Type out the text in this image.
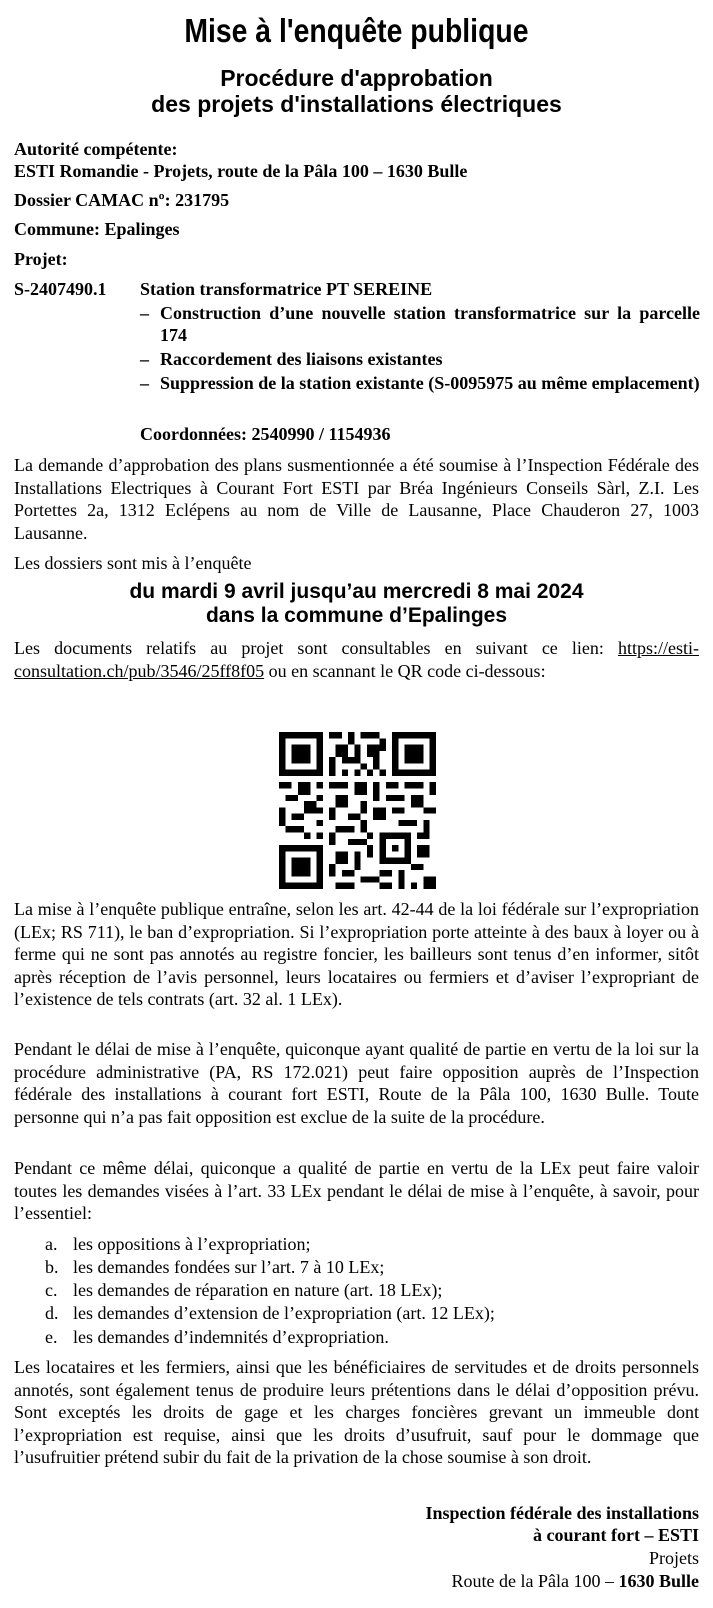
Mise à l'enquête publique
Procédure d'approbation
des projets d'installations électriques
Autorité compétente:
ESTI Romandie - Projets, route de la Pâla 100 – 1630 Bulle
Dossier CAMAC nº: 231795
Commune: Epalinges
Projet:
S-2407490.1 Station transformatrice PT SEREINE
– Construction d’une nouvelle station transformatrice sur la parcelle 174
– Raccordement des liaisons existantes
– Suppression de la station existante (S-0095975 au même emplacement)
Coordonnées: 2540990 / 1154936
La demande d’approbation des plans susmentionnée a été soumise à l’Inspection Fédérale des Installations Electriques à Courant Fort ESTI par Bréa Ingénieurs Conseils Sàrl, Z.I. Les Portettes 2a, 1312 Eclépens au nom de Ville de Lausanne, Place Chauderon 27, 1003 Lausanne.
Les dossiers sont mis à l’enquête
du mardi 9 avril jusqu’au mercredi 8 mai 2024
dans la commune d’Epalinges
Les documents relatifs au projet sont consultables en suivant ce lien: https://esti-consultation.ch/pub/3546/25ff8f05 ou en scannant le QR code ci-dessous:
La mise à l’enquête publique entraîne, selon les art. 42-44 de la loi fédérale sur l’expropriation (LEx; RS 711), le ban d’expropriation. Si l’expropriation porte atteinte à des baux à loyer ou à ferme qui ne sont pas annotés au registre foncier, les bailleurs sont tenus d’en informer, sitôt après réception de l’avis personnel, leurs locataires ou fermiers et d’aviser l’expropriant de l’existence de tels contrats (art. 32 al. 1 LEx).
Pendant le délai de mise à l’enquête, quiconque ayant qualité de partie en vertu de la loi sur la procédure administrative (PA, RS 172.021) peut faire opposition auprès de l’Inspection fédérale des installations à courant fort ESTI, Route de la Pâla 100, 1630 Bulle. Toute personne qui n’a pas fait opposition est exclue de la suite de la procédure.
Pendant ce même délai, quiconque a qualité de partie en vertu de la LEx peut faire valoir toutes les demandes visées à l’art. 33 LEx pendant le délai de mise à l’enquête, à savoir, pour l’essentiel:
a. les oppositions à l’expropriation;
b. les demandes fondées sur l’art. 7 à 10 LEx;
c. les demandes de réparation en nature (art. 18 LEx);
d. les demandes d’extension de l’expropriation (art. 12 LEx);
e. les demandes d’indemnités d’expropriation.
Les locataires et les fermiers, ainsi que les bénéficiaires de servitudes et de droits personnels annotés, sont également tenus de produire leurs prétentions dans le délai d’opposition prévu. Sont exceptés les droits de gage et les charges foncières grevant un immeuble dont l’expropriation est requise, ainsi que les droits d’usufruit, sauf pour le dommage que l’usufruitier prétend subir du fait de la privation de la chose soumise à son droit.
Inspection fédérale des installations
à courant fort – ESTI
Projets
Route de la Pâla 100 – 1630 Bulle
